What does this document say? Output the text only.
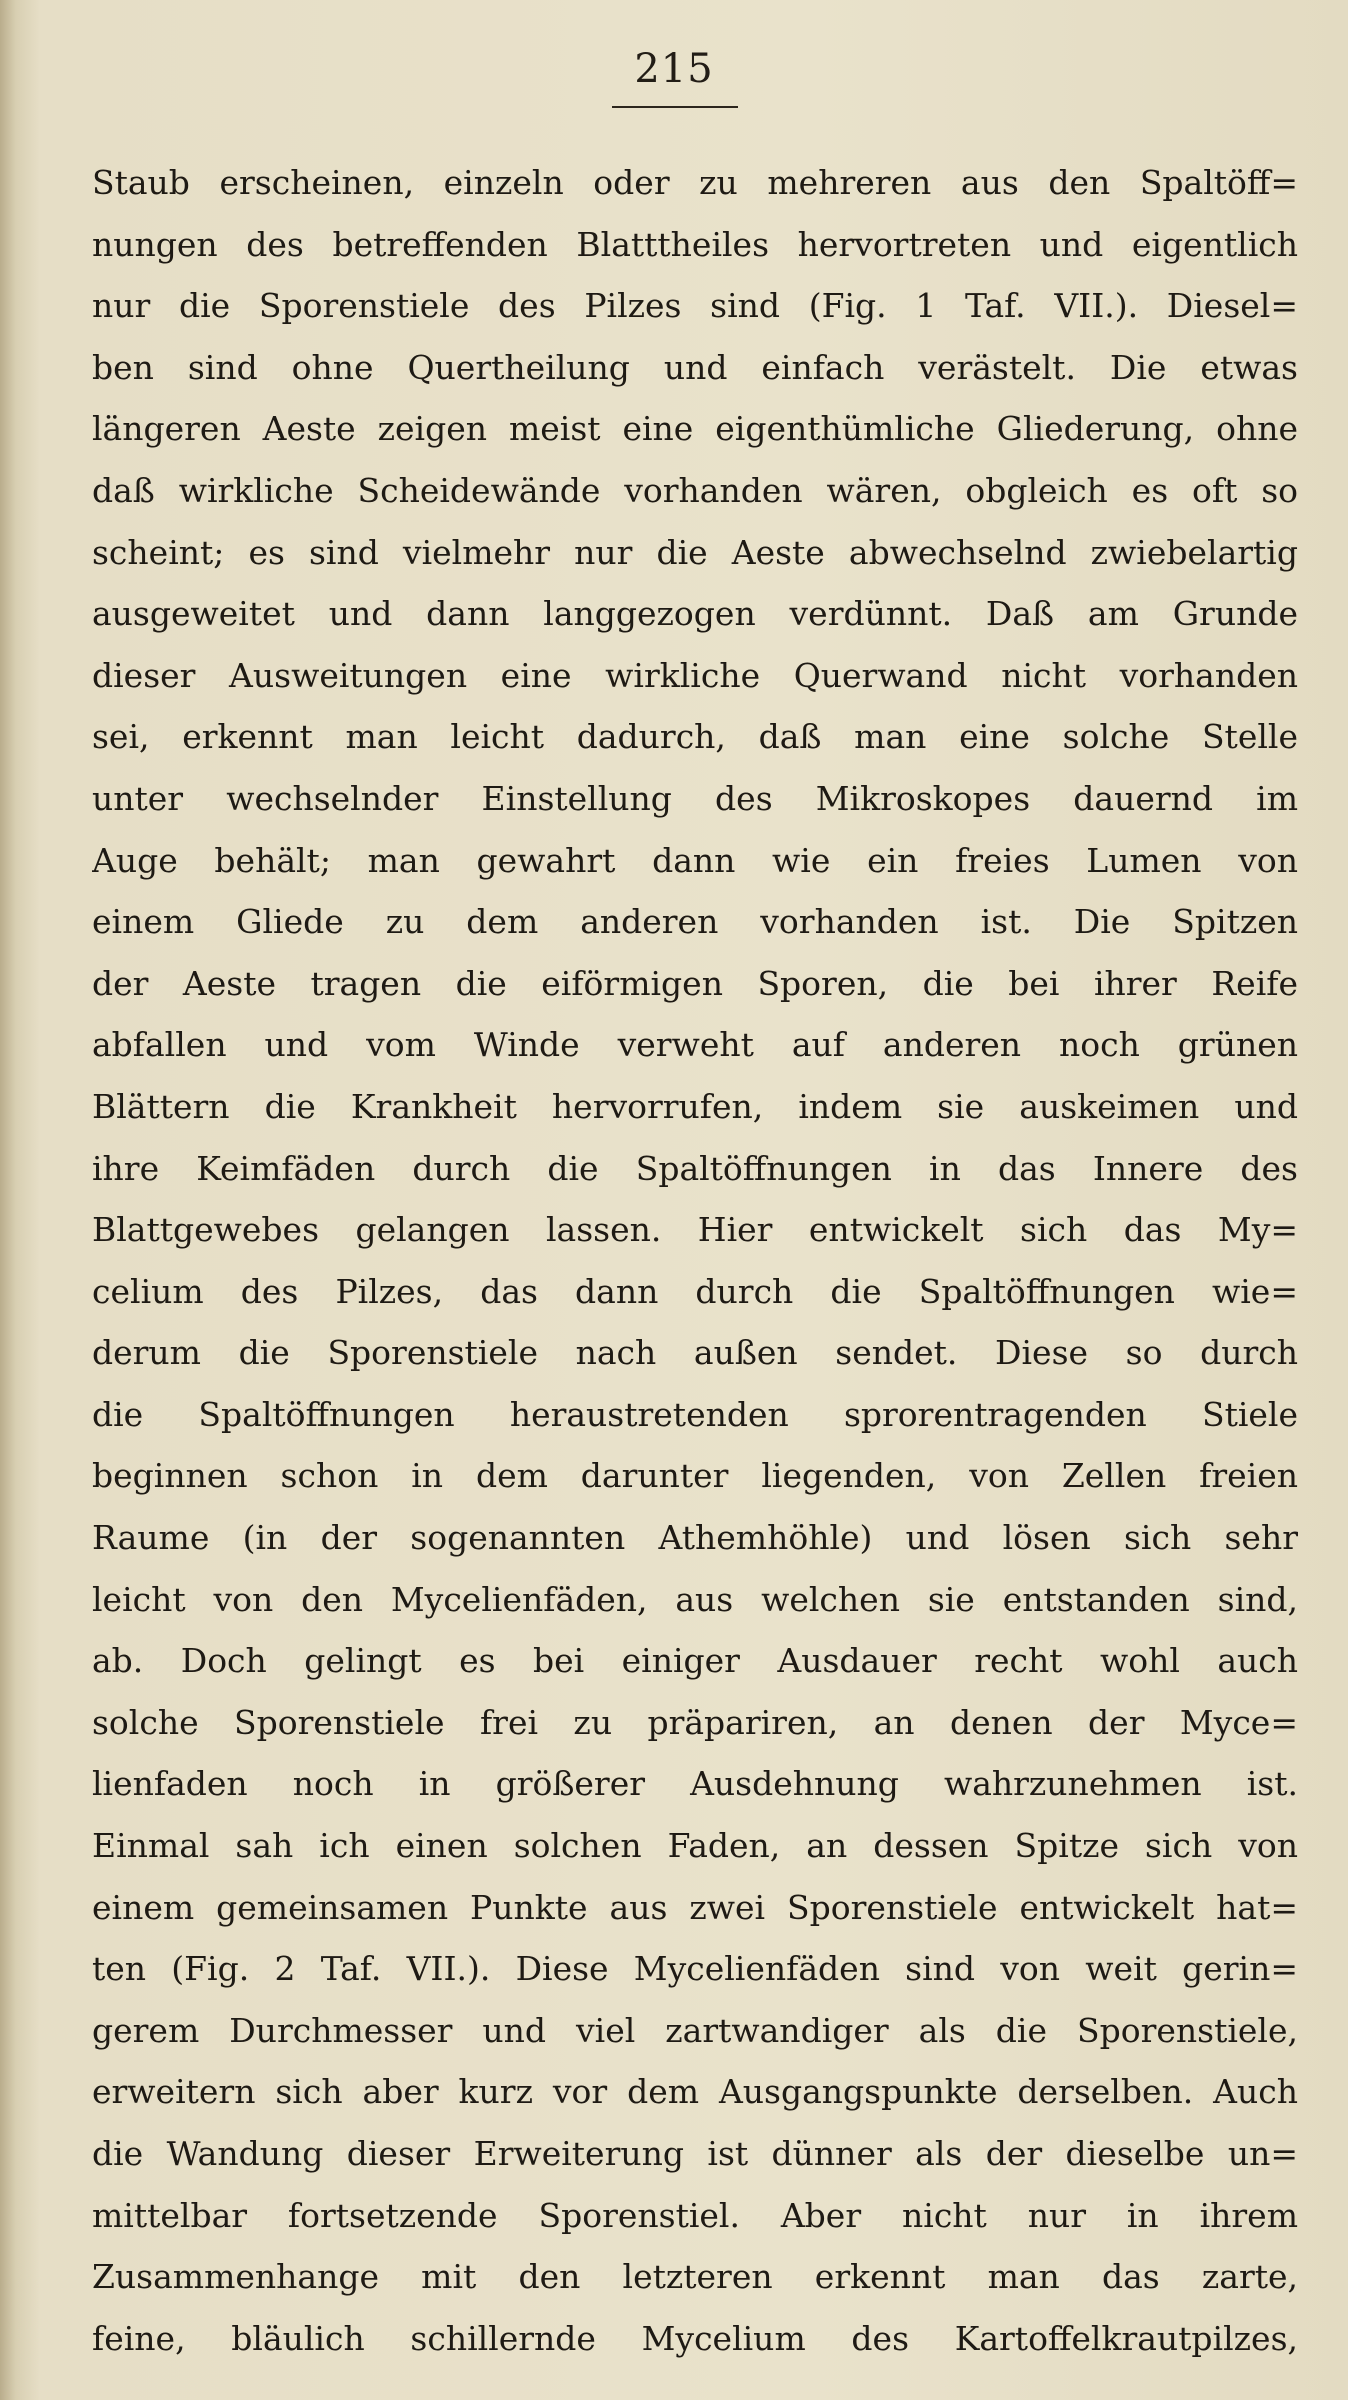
215
Staub erscheinen, einzeln oder zu mehreren aus den Spaltöff=
nungen des betreffenden Blatttheiles hervortreten und eigentlich
nur die Sporenstiele des Pilzes sind (Fig. 1 Taf. VII.). Diesel=
ben sind ohne Quertheilung und einfach verästelt. Die etwas
längeren Aeste zeigen meist eine eigenthümliche Gliederung, ohne
daß wirkliche Scheidewände vorhanden wären, obgleich es oft so
scheint; es sind vielmehr nur die Aeste abwechselnd zwiebelartig
ausgeweitet und dann langgezogen verdünnt. Daß am Grunde
dieser Ausweitungen eine wirkliche Querwand nicht vorhanden
sei, erkennt man leicht dadurch, daß man eine solche Stelle
unter wechselnder Einstellung des Mikroskopes dauernd im
Auge behält; man gewahrt dann wie ein freies Lumen von
einem Gliede zu dem anderen vorhanden ist. Die Spitzen
der Aeste tragen die eiförmigen Sporen, die bei ihrer Reife
abfallen und vom Winde verweht auf anderen noch grünen
Blättern die Krankheit hervorrufen, indem sie auskeimen und
ihre Keimfäden durch die Spaltöffnungen in das Innere des
Blattgewebes gelangen lassen. Hier entwickelt sich das My=
celium des Pilzes, das dann durch die Spaltöffnungen wie=
derum die Sporenstiele nach außen sendet. Diese so durch
die Spaltöffnungen heraustretenden sprorentragenden Stiele
beginnen schon in dem darunter liegenden, von Zellen freien
Raume (in der sogenannten Athemhöhle) und lösen sich sehr
leicht von den Mycelienfäden, aus welchen sie entstanden sind,
ab. Doch gelingt es bei einiger Ausdauer recht wohl auch
solche Sporenstiele frei zu präpariren, an denen der Myce=
lienfaden noch in größerer Ausdehnung wahrzunehmen ist.
Einmal sah ich einen solchen Faden, an dessen Spitze sich von
einem gemeinsamen Punkte aus zwei Sporenstiele entwickelt hat=
ten (Fig. 2 Taf. VII.). Diese Mycelienfäden sind von weit gerin=
gerem Durchmesser und viel zartwandiger als die Sporenstiele,
erweitern sich aber kurz vor dem Ausgangspunkte derselben. Auch
die Wandung dieser Erweiterung ist dünner als der dieselbe un=
mittelbar fortsetzende Sporenstiel. Aber nicht nur in ihrem
Zusammenhange mit den letzteren erkennt man das zarte,
feine, bläulich schillernde Mycelium des Kartoffelkrautpilzes,
